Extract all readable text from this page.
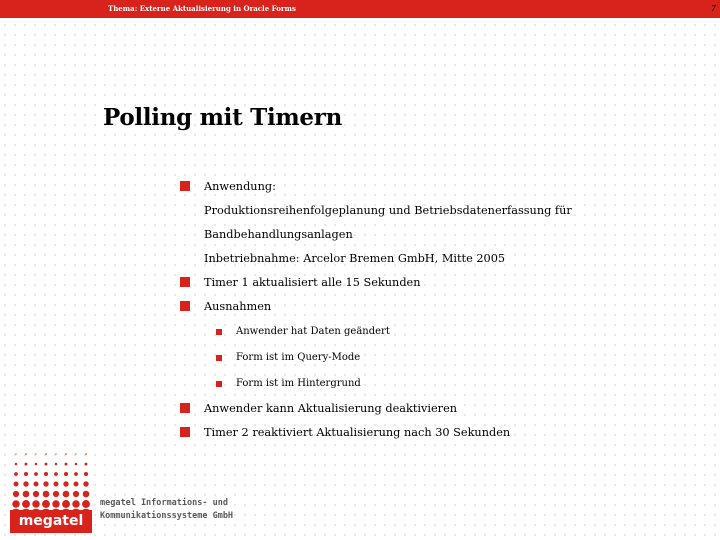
Thema: Externe Aktualisierung in Oracle Forms	7
Polling mit Timern
Anwendung:
Produktionsreihenfolgeplanung und Betriebsdatenerfassung für
Bandbehandlungsanlagen
Inbetriebnahme: Arcelor Bremen GmbH, Mitte 2005
Timer 1 aktualisiert alle 15 Sekunden
Ausnahmen
Anwender hat Daten geändert
Form ist im Query-Mode
Form ist im Hintergrund
Anwender kann Aktualisierung deaktivieren
Timer 2 reaktiviert Aktualisierung nach 30 Sekunden
megatel
megatel Informations- und
Kommunikationssysteme GmbH
